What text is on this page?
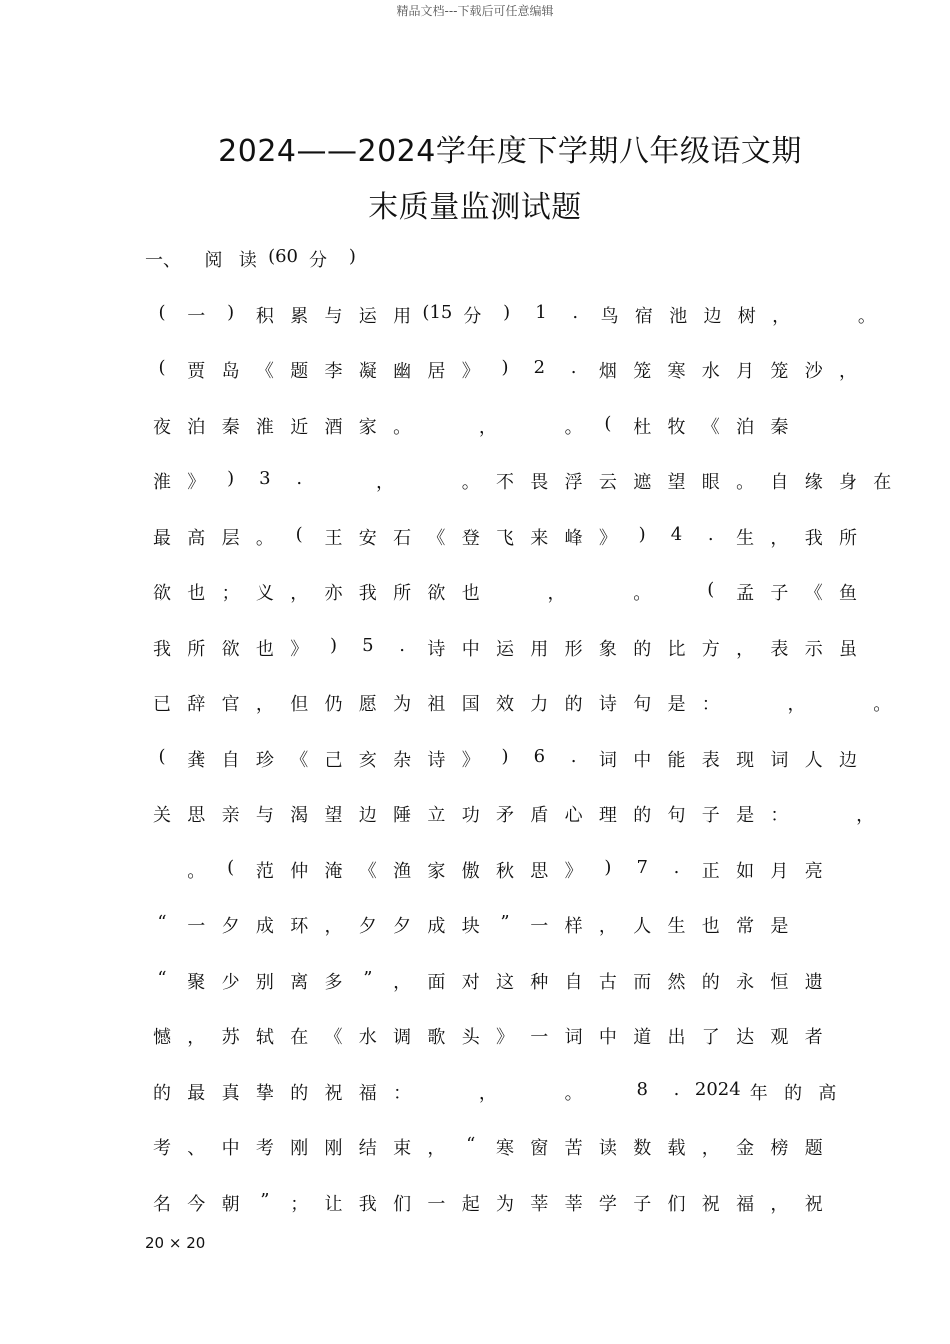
精品文档---下载后可任意编辑
2024——2024学年度下学期八年级语文期
末质量监测试题
一、	阅 读 (60 分	)
(	一	)	积 累 与 运 用 (15 分	)	1	.	鸟 宿 池 边 树 ，	。
(	贾 岛 《 题 李 凝 幽 居 》	)	2	.	烟 笼 寒 水 月 笼 沙 ，
夜 泊 秦 淮 近 酒 家 。	，	。	(	杜 牧 《 泊 秦
淮 》	)	3	.	，	。 不 畏 浮 云 遮 望 眼 。 自 缘 身 在
最 高 层 。	(	王 安 石 《 登 飞 来 峰 》	)	4	.	生 ， 我 所
欲 也 ； 义 ， 亦 我 所 欲 也	，	。	(	孟 子 《 鱼
我 所 欲 也 》	)	5	.	诗 中 运 用 形 象 的 比 方 ， 表 示 虽
已 辞 官 ， 但 仍 愿 为 祖 国 效 力 的 诗 句 是 ：	，	。
(	龚 自 珍 《 己 亥 杂 诗 》	)	6	.	词 中 能 表 现 词 人 边
关 思 亲 与 渴 望 边 陲 立 功 矛 盾 心 理 的 句 子 是 ：	，
。	(	范 仲 淹 《 渔 家 傲 秋 思 》	)	7	.	正 如 月 亮
“	一 夕 成 环 ， 夕 夕 成 块	”	一 样 ， 人 生 也 常 是
“	聚 少 别 离 多	”	， 面 对 这 种 自 古 而 然 的 永 恒 遗
憾 ， 苏 轼 在 《 水 调 歌 头 》 一 词 中 道 出 了 达 观 者
的 最 真 挚 的 祝 福 ：	，	。	8	. 2024 年 的 高
考 、 中 考 刚 刚 结 束 ，	“	寒 窗 苦 读 数 载 ， 金 榜 题
名 今 朝	”	； 让 我 们 一 起 为 莘 莘 学 子 们 祝 福 ， 祝
20 × 20
